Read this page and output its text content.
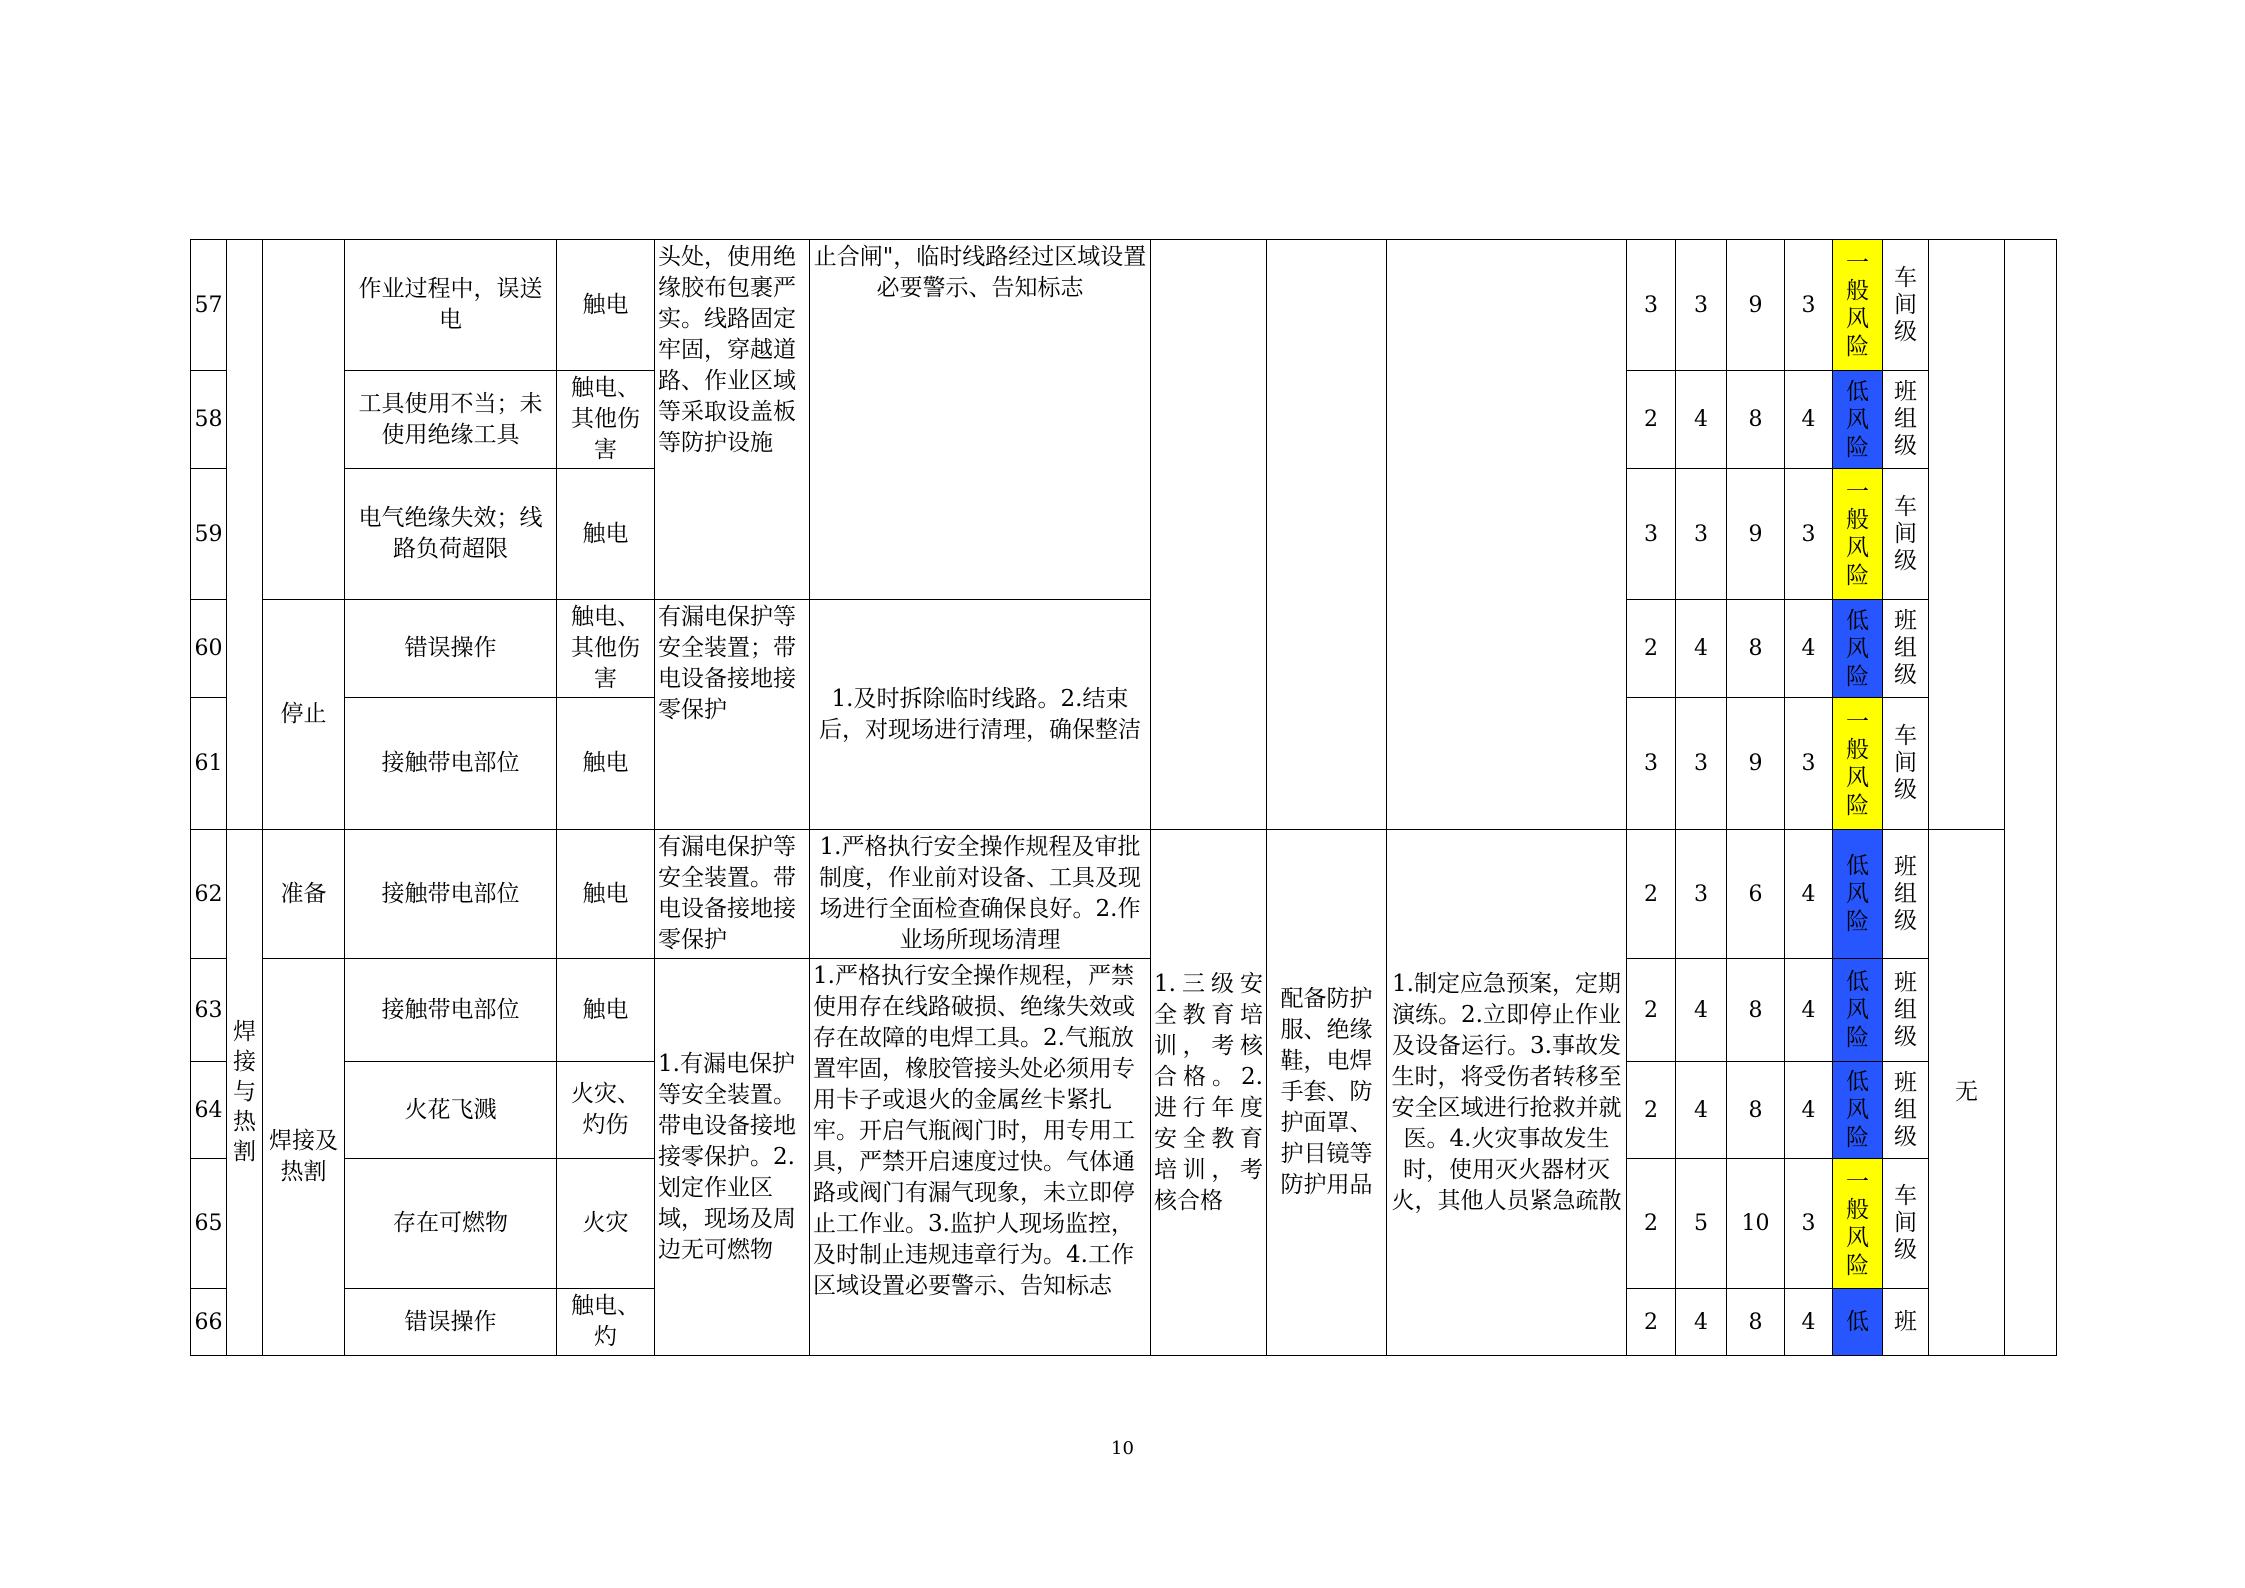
57			作业过程中，误送电	触电	头处，使用绝缘胶布包裹严实。线路固定牢固，穿越道路、作业区域等采取设盖板等防护设施	止合闸"，临时线路经过区域设置必要警示、告知标志				3	3	9	3	一般风险	车间级		
58			工具使用不当；未使用绝缘工具	触电、其他伤害						2	4	8	4	低风险	班组级		
59			电气绝缘失效；线路负荷超限	触电						3	3	9	3	一般风险	车间级		
60		停止	错误操作	触电、其他伤害	有漏电保护等安全装置；带电设备接地接零保护	1.及时拆除临时线路。2.结束后，对现场进行清理，确保整洁				2	4	8	4	低风险	班组级		
61			接触带电部位	触电						3	3	9	3	一般风险	车间级		
62	焊接与热割	准备	接触带电部位	触电	有漏电保护等安全装置。带电设备接地接零保护	1.严格执行安全操作规程及审批制度，作业前对设备、工具及现场进行全面检查确保良好。2.作业场所现场清理	1.三级安全教育培训，考核合格。2.进行年度安全教育培训，考核合格	配备防护服、绝缘鞋，电焊手套、防护面罩、护目镜等防护用品	1.制定应急预案，定期演练。2.立即停止作业及设备运行。3.事故发生时，将受伤者转移至安全区域进行抢救并就医。4.火灾事故发生时，使用灭火器材灭火，其他人员紧急疏散	2	3	6	4	低风险	班组级	无	
63		焊接及热割	接触带电部位	触电	1.有漏电保护等安全装置。带电设备接地接零保护。2.划定作业区域，现场及周边无可燃物	1.严格执行安全操作规程，严禁使用存在线路破损、绝缘失效或存在故障的电焊工具。2.气瓶放置牢固，橡胶管接头处必须用专用卡子或退火的金属丝卡紧扎牢。开启气瓶阀门时，用专用工具，严禁开启速度过快。气体通路或阀门有漏气现象，未立即停止工作业。3.监护人现场监控，及时制止违规违章行为。4.工作区域设置必要警示、告知标志				2	4	8	4	低风险	班组级		
64			火花飞溅	火灾、灼伤						2	4	8	4	低风险	班组级		
65			存在可燃物	火灾						2	5	10	3	一般风险	车间级		
66			错误操作	触电、灼						2	4	8	4	低	班		
10
